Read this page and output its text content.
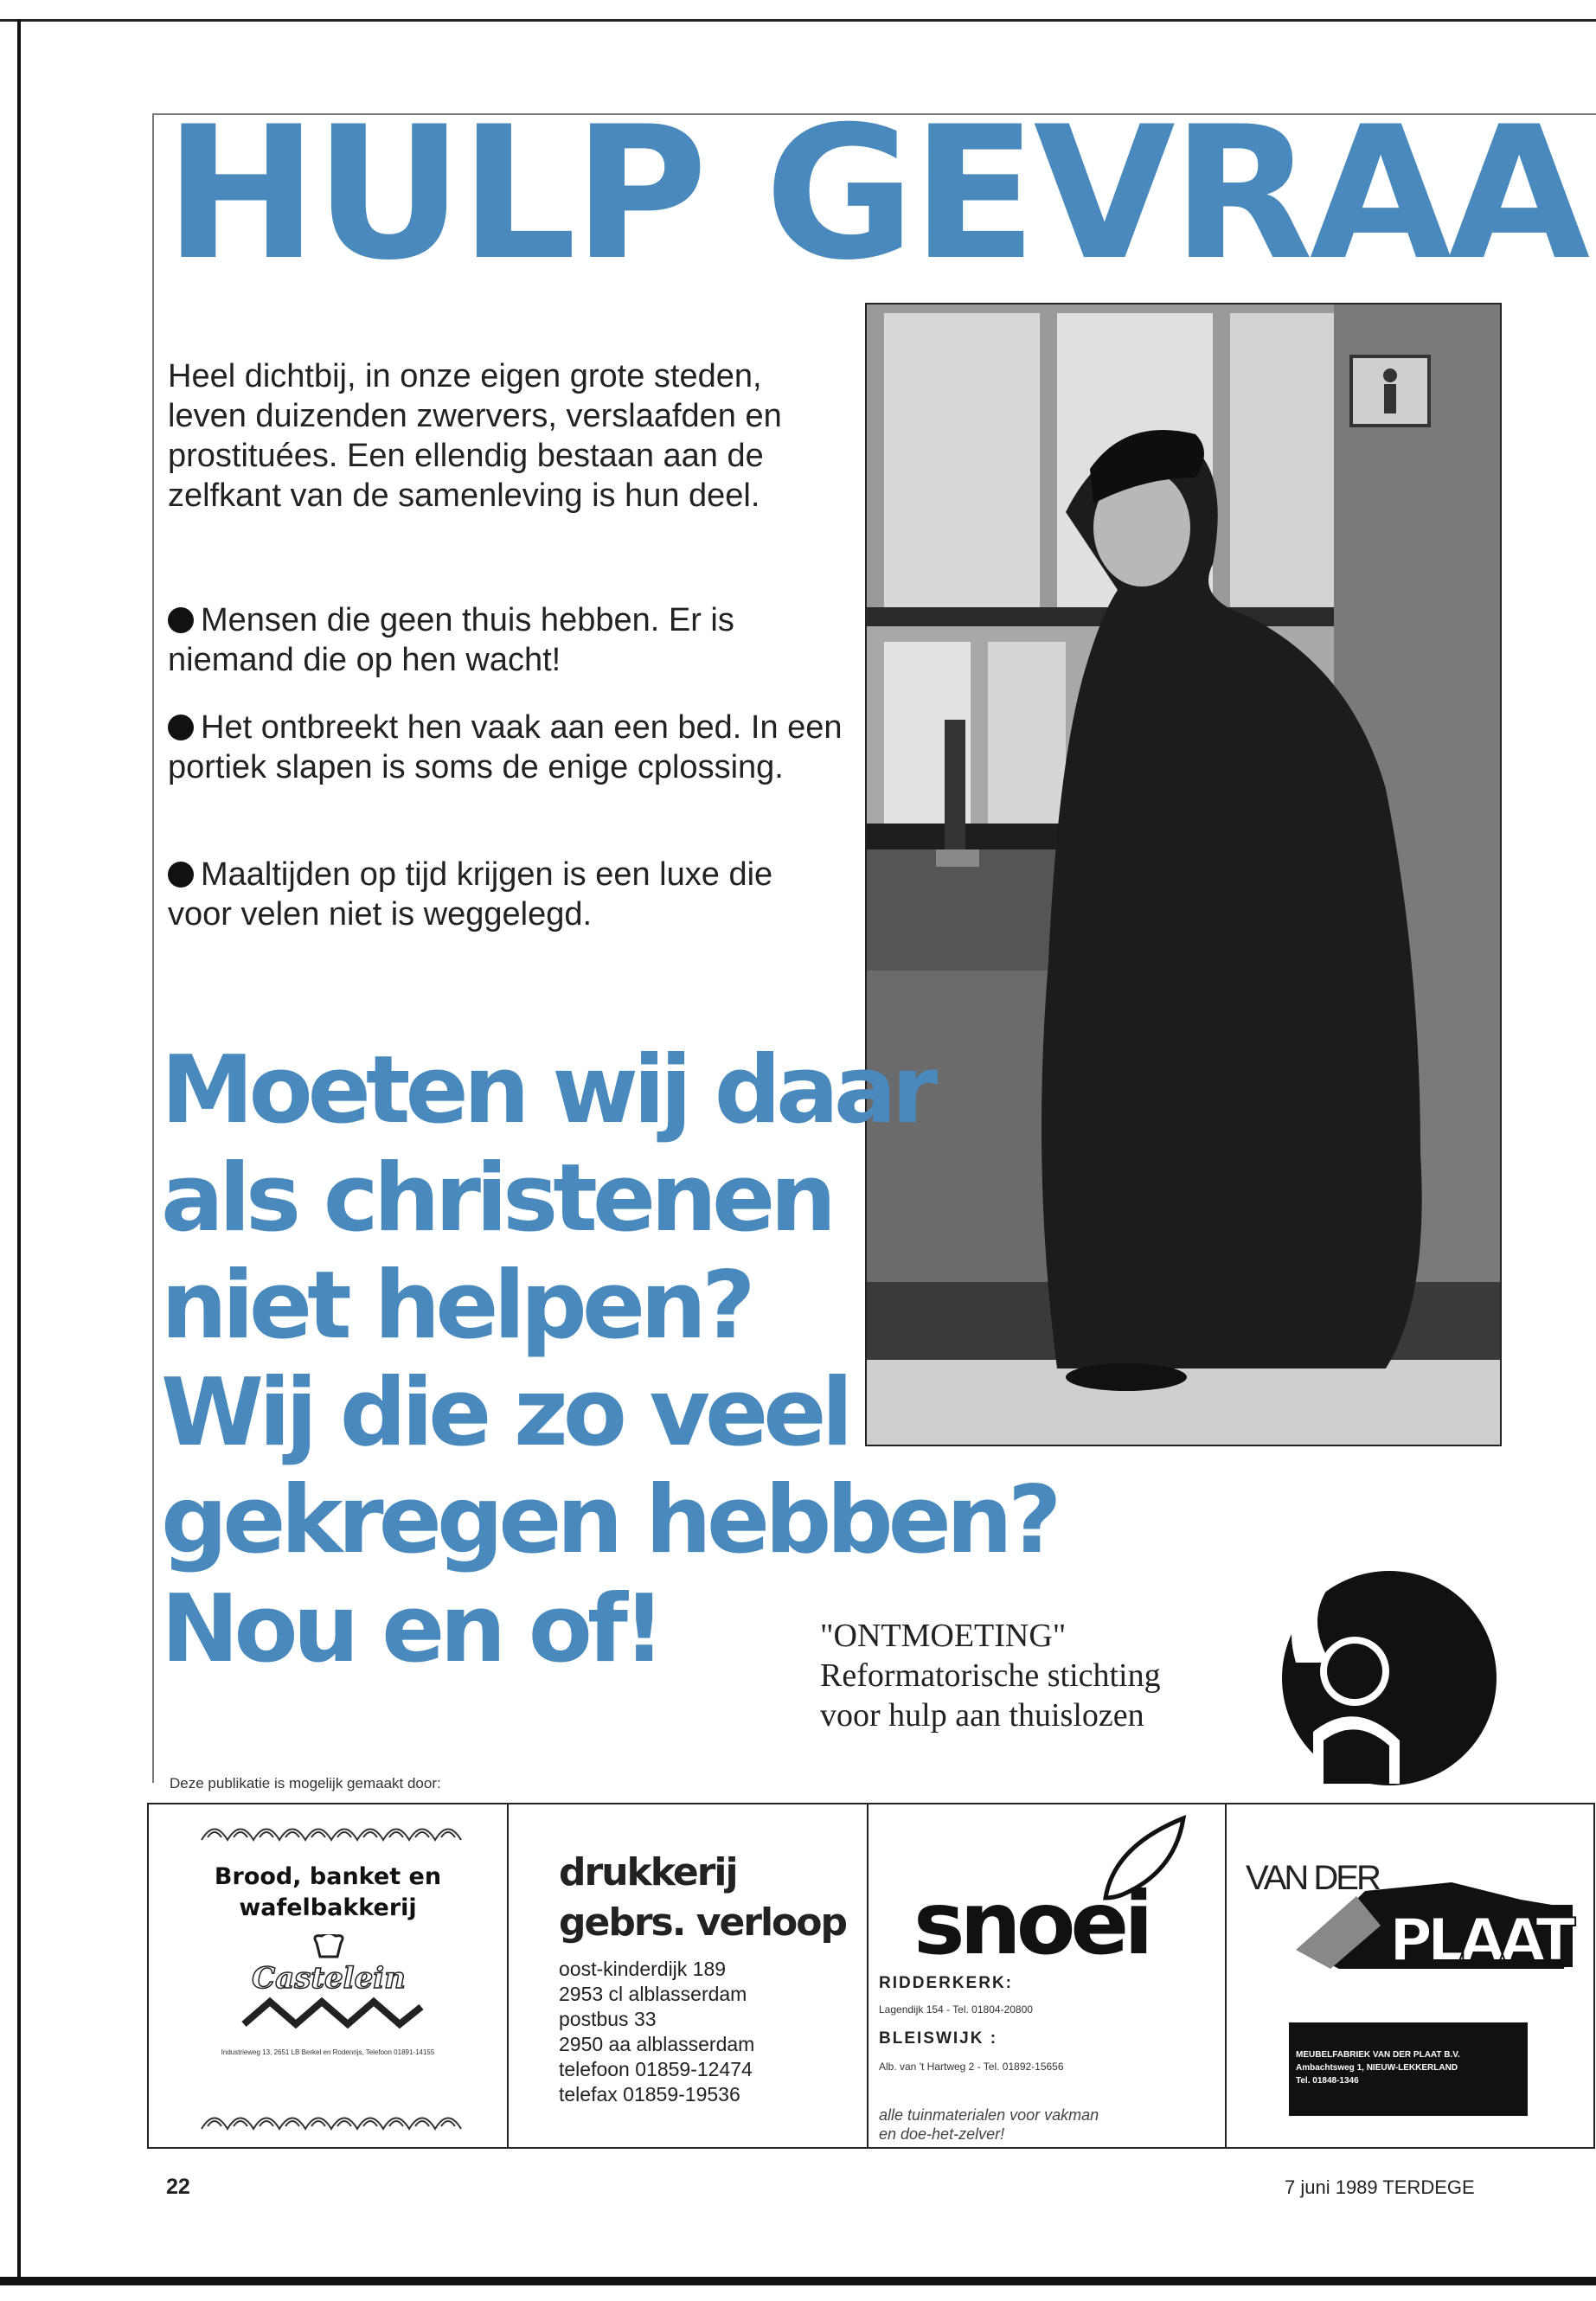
HULP GEVRAA

Heel dichtbij, in onze eigen grote steden, leven duizenden zwervers, verslaafden en prostituées. Een ellendig bestaan aan de zelfkant van de samenleving is hun deel.

Mensen die geen thuis hebben. Er is niemand die op hen wacht!

Het ontbreekt hen vaak aan een bed. In een portiek slapen is soms de enige cplossing.

Maaltijden op tijd krijgen is een luxe die voor velen niet is weggelegd.

Moeten wij daar

als christenen

niet helpen?

Wij die zo veel

gekregen hebben?

Nou en of!	"ONTMOETING"
Reformatorische stichting
voor hulp aan thuislozen

Deze publikatie is mogelijk gemaakt door:

Brood, banket en
wafelbakkerij

Castelein

Industrieweg 13, 2651 LB Berkel en Rodenrijs, Telefoon 01891-14155

drukkerij
gebrs. verloop

oost-kinderdijk 189
2953 cl alblasserdam
postbus 33
2950 aa alblasserdam
telefoon 01859-12474
telefax 01859-19536

snoei

RIDDERKERK:

Lagendijk 154 - Tel. 01804-20800

BLEISWIJK :

Alb. van 't Hartweg 2 - Tel. 01892-15656

alle tuinmaterialen voor vakman
en doe-het-zelver!

VAN DER
PLAAT

MEUBELFABRIEK VAN DER PLAAT B.V.

Ambachtsweg 1, NIEUW-LEKKERLAND

Tel. 01848-1346

22	7 juni 1989 TERDEGE
